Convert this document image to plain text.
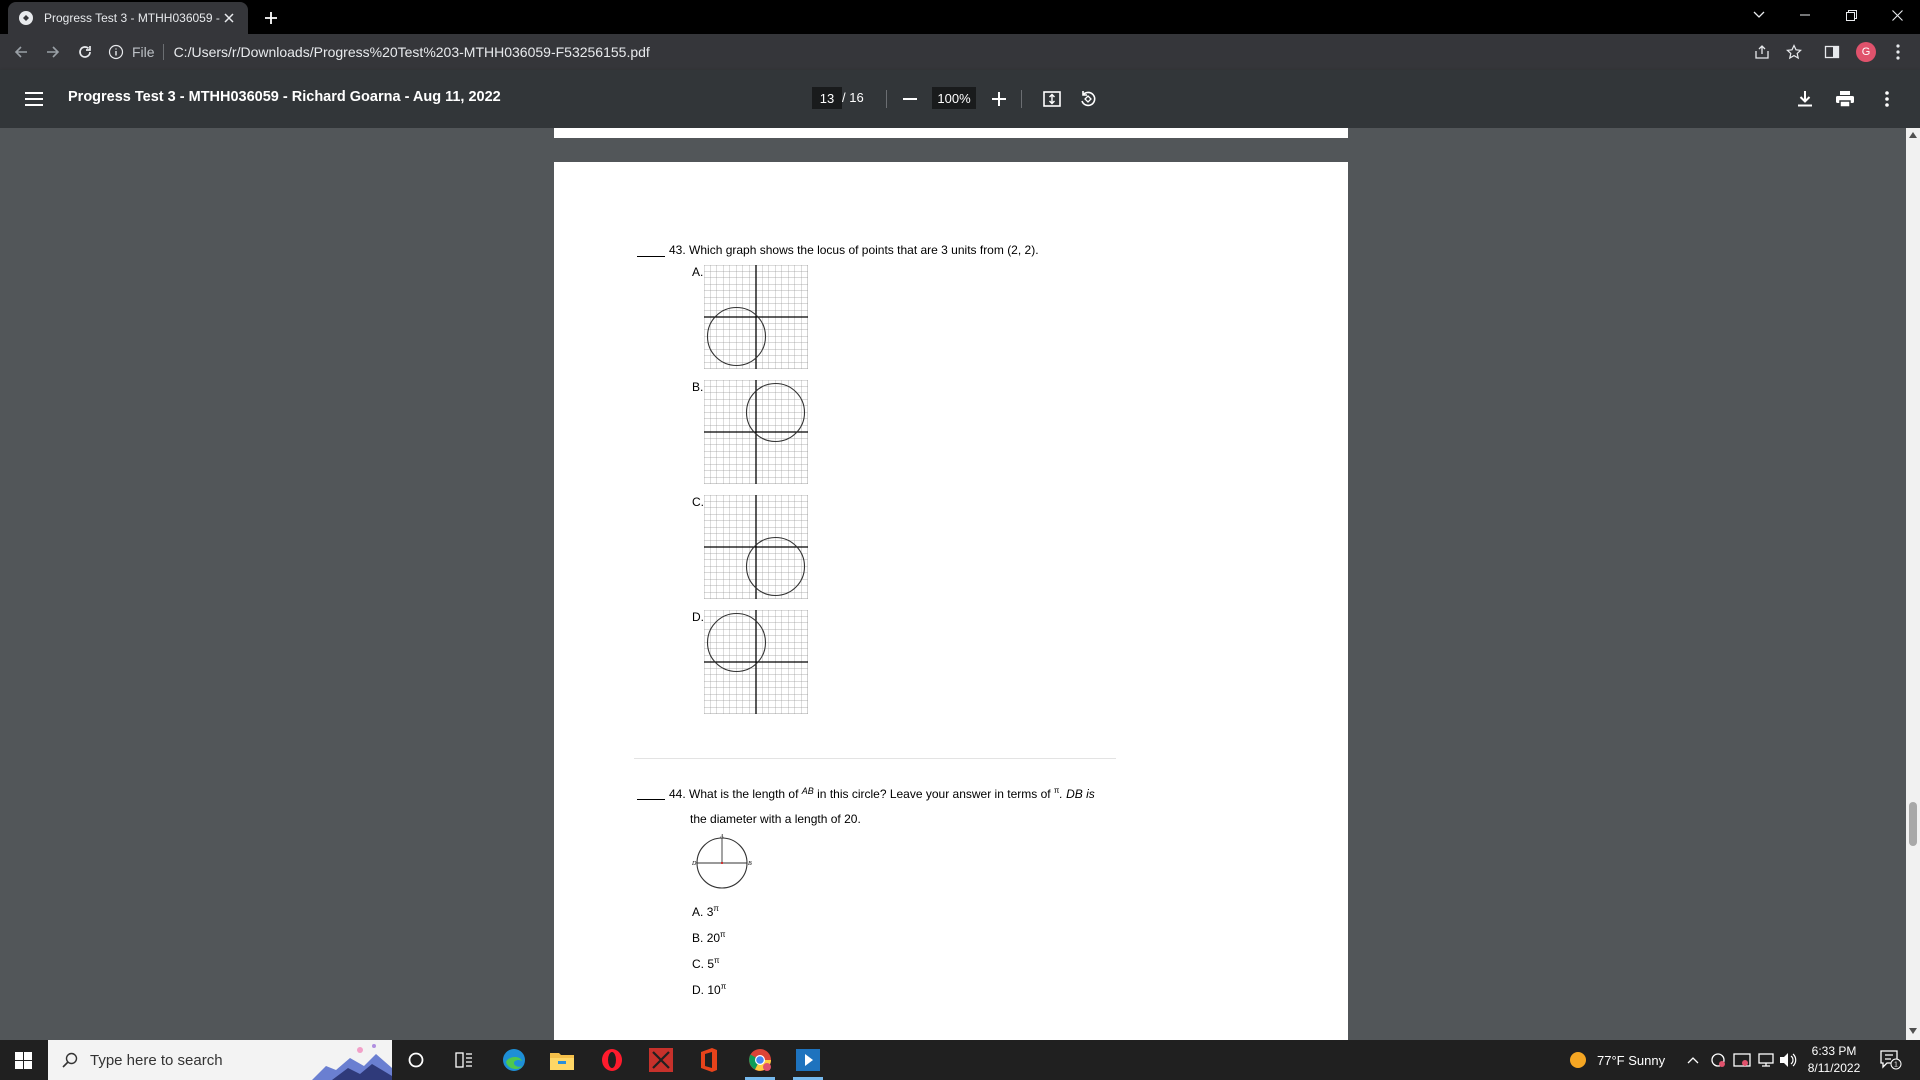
Progress Test 3 - MTHH036059 -
File C:/Users/r/Downloads/Progress%20Test%203-MTHH036059-F53256155.pdf	G
Progress Test 3 - MTHH036059 - Richard Goarna - Aug 11, 2022	13 / 16	100%
43. Which graph shows the locus of points that are 3 units from (2, 2).
A.
B.
C.
D.
44. What is the length of $^{AB}$ in this circle? Leave your answer in terms of $^\pi$. DB is
the diameter with a length of 20.
A
D	B
A. $3^\pi$
B. $20^\pi$
C. $5^\pi$
D. $10^\pi$
Type here to search	77°F Sunny
6:33 PM
8/11/2022	1
